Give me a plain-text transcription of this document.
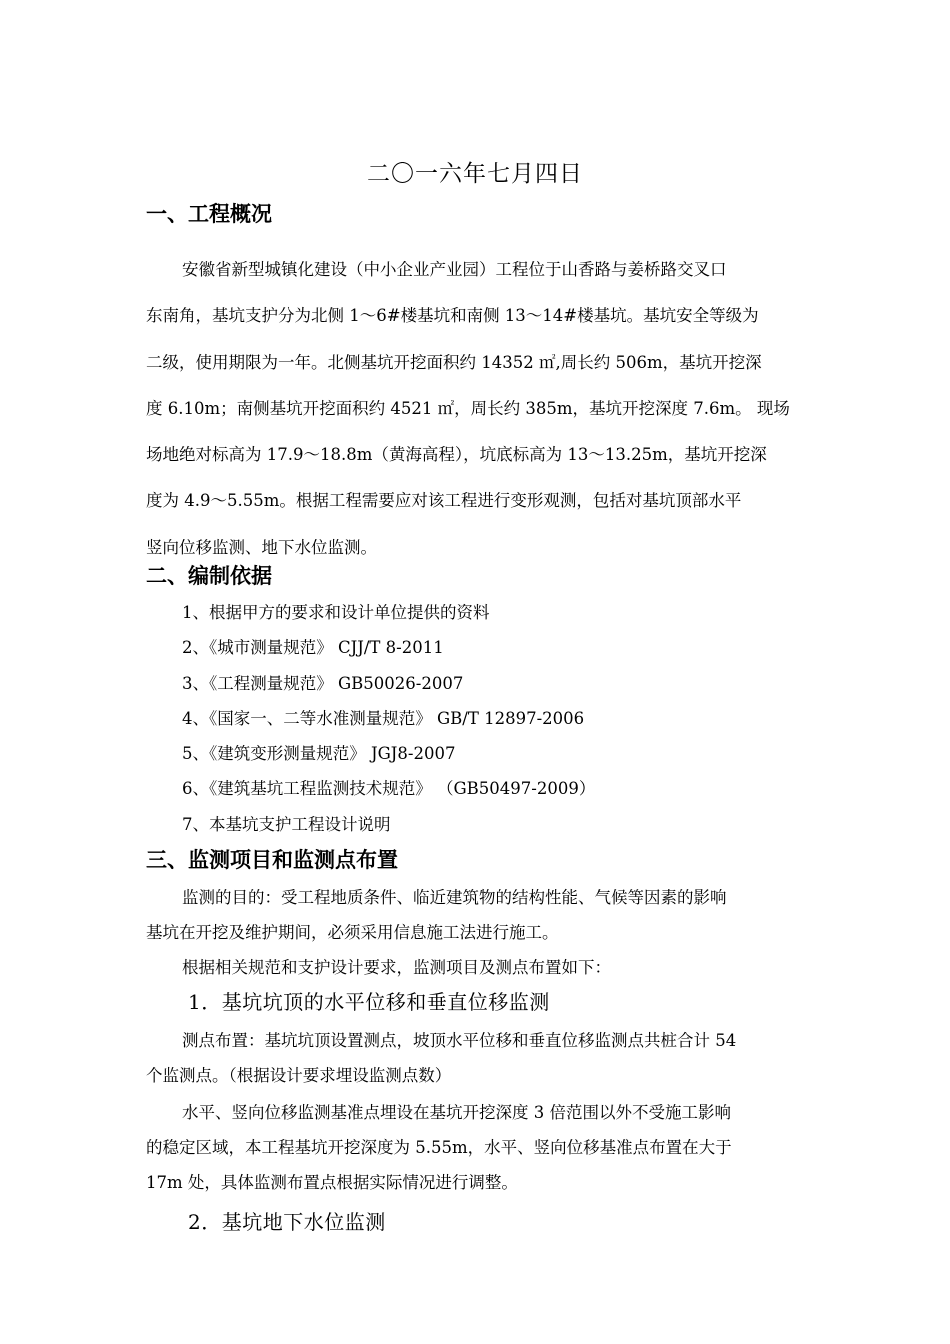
二〇一六年七月四日
一、工程概况
安徽省新型城镇化建设（中小企业产业园）工程位于山香路与姜桥路交叉口
东南角，基坑支护分为北侧 1～6#楼基坑和南侧 13～14#楼基坑。基坑安全等级为
二级，使用期限为一年。北侧基坑开挖面积约 14352 ㎡,周长约 506m，基坑开挖深
度 6.10m；南侧基坑开挖面积约 4521 ㎡，周长约 385m，基坑开挖深度 7.6m。 现场
场地绝对标高为 17.9～18.8m（黄海高程），坑底标高为 13～13.25m，基坑开挖深
度为 4.9～5.55m。根据工程需要应对该工程进行变形观测，包括对基坑顶部水平
竖向位移监测、地下水位监测。
二、编制依据
1、根据甲方的要求和设计单位提供的资料
2、《城市测量规范》 CJJ/T 8-2011
3、《工程测量规范》 GB50026-2007
4、《国家一、二等水准测量规范》 GB/T 12897-2006
5、《建筑变形测量规范》 JGJ8-2007
6、《建筑基坑工程监测技术规范》 （GB50497-2009）
7、本基坑支护工程设计说明
三、监测项目和监测点布置
监测的目的：受工程地质条件、临近建筑物的结构性能、气候等因素的影响
基坑在开挖及维护期间，必须采用信息施工法进行施工。
根据相关规范和支护设计要求，监测项目及测点布置如下：
1．基坑坑顶的水平位移和垂直位移监测
测点布置：基坑坑顶设置测点，坡顶水平位移和垂直位移监测点共桩合计 54
个监测点。（根据设计要求埋设监测点数）
水平、竖向位移监测基准点埋设在基坑开挖深度 3 倍范围以外不受施工影响
的稳定区域，本工程基坑开挖深度为 5.55m，水平、竖向位移基准点布置在大于
17m 处，具体监测布置点根据实际情况进行调整。
2．基坑地下水位监测
